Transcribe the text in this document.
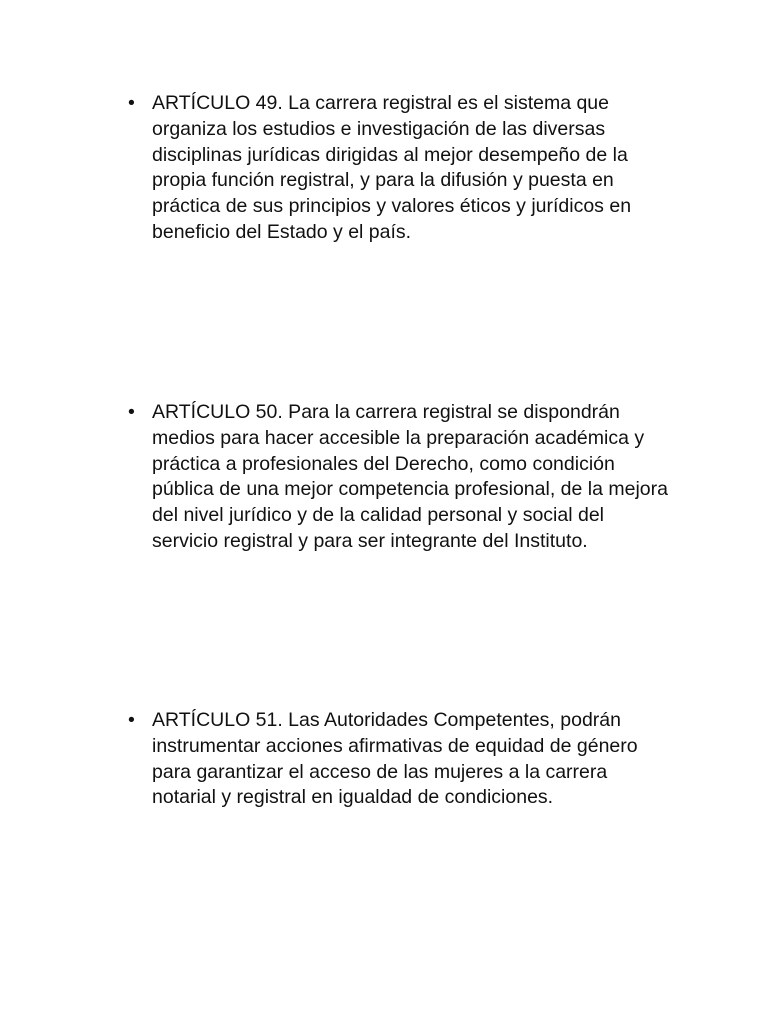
• ARTÍCULO 49. La carrera registral es el sistema que organiza los estudios e investigación de las diversas disciplinas jurídicas dirigidas al mejor desempeño de la propia función registral, y para la difusión y puesta en práctica de sus principios y valores éticos y jurídicos en beneficio del Estado y el país.

• ARTÍCULO 50. Para la carrera registral se dispondrán medios para hacer accesible la preparación académica y práctica a profesionales del Derecho, como condición pública de una mejor competencia profesional, de la mejora del nivel jurídico y de la calidad personal y social del servicio registral y para ser integrante del Instituto.

• ARTÍCULO 51. Las Autoridades Competentes, podrán instrumentar acciones afirmativas de equidad de género para garantizar el acceso de las mujeres a la carrera notarial y registral en igualdad de condiciones.
